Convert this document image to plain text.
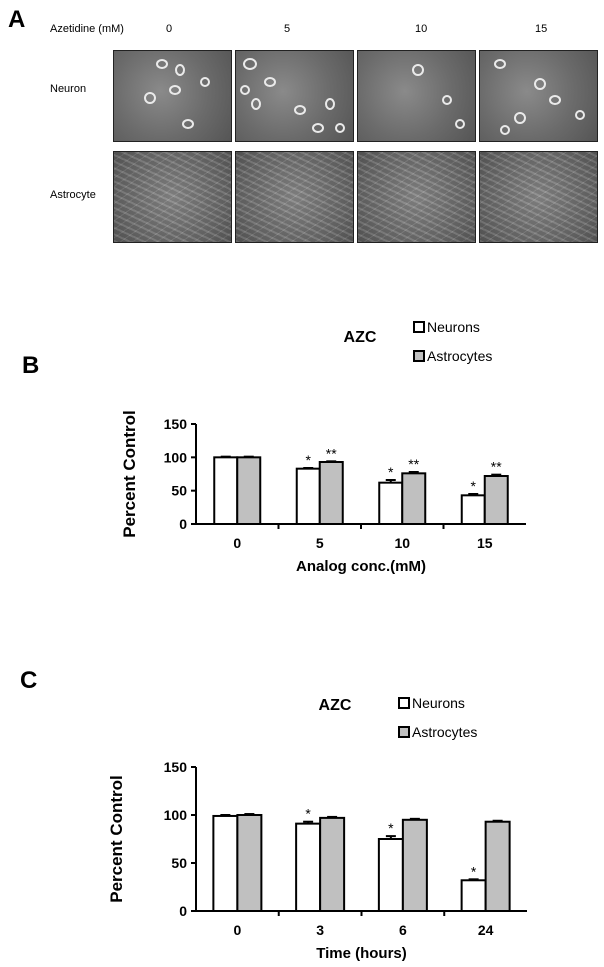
A Azetidine (mM)	0	5	10	15
Neuron
Astrocyte
B
AZC
Neurons
Astrocytes
0
50
100
150
Percent Control
0	5
* **
10
* **
15
*
**
Analog conc.(mM)
C
AZC	Neurons
Astrocytes
0
50
100
150
Percent Control
0	3
*
6
*
24
*
Time (hours)
